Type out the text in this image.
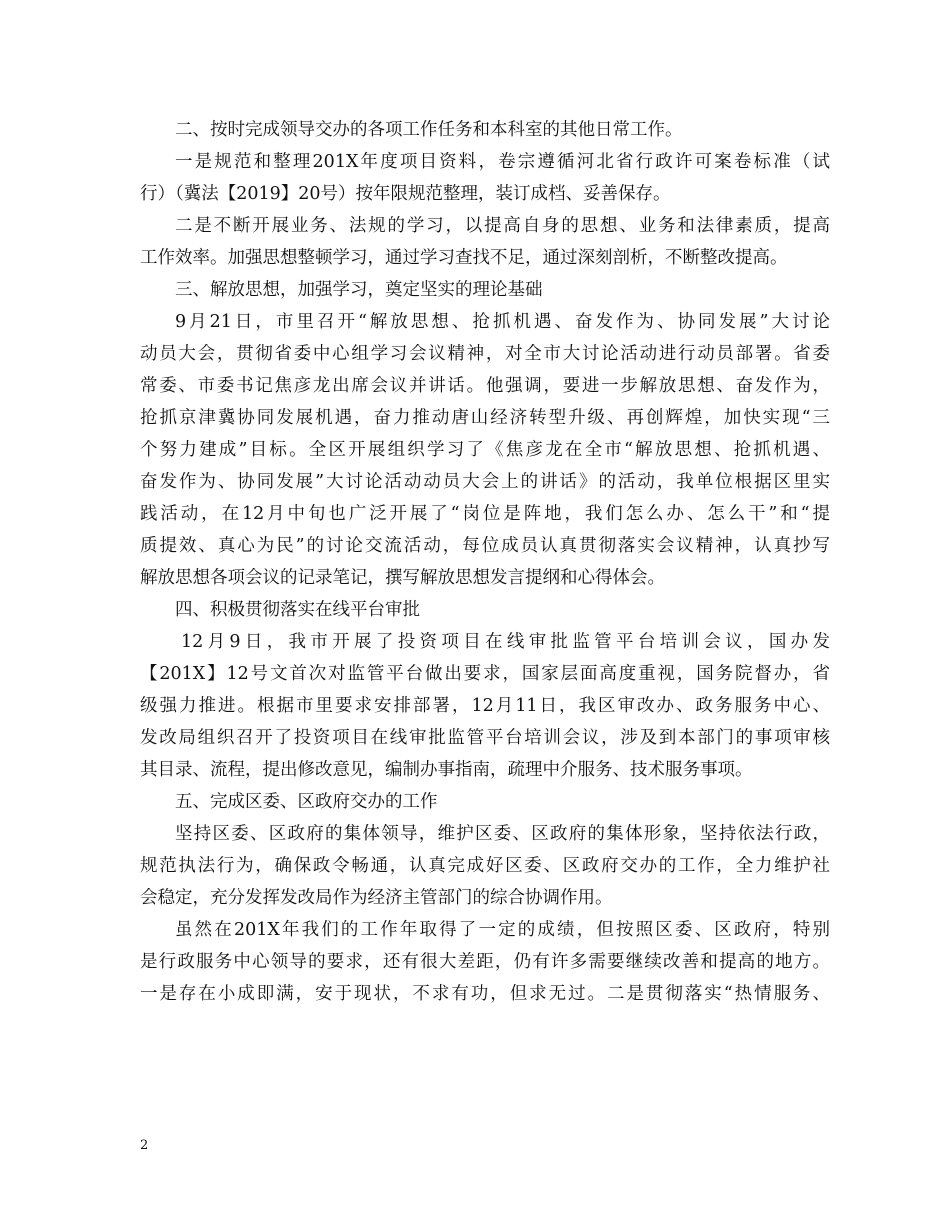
二、按时完成领导交办的各项工作任务和本科室的其他日常工作。
一是规范和整理201X年度项目资料，卷宗遵循河北省行政许可案卷标准（试
行）（冀法【2019】20号）按年限规范整理，装订成档、妥善保存。
二是不断开展业务、法规的学习，以提高自身的思想、业务和法律素质，提高
工作效率。加强思想整顿学习，通过学习查找不足，通过深刻剖析，不断整改提高。
三、解放思想，加强学习，奠定坚实的理论基础
9月21日，市里召开“解放思想、抢抓机遇、奋发作为、协同发展”大讨论
动员大会，贯彻省委中心组学习会议精神，对全市大讨论活动进行动员部署。省委
常委、市委书记焦彦龙出席会议并讲话。他强调，要进一步解放思想、奋发作为，
抢抓京津冀协同发展机遇，奋力推动唐山经济转型升级、再创辉煌，加快实现“三
个努力建成”目标。全区开展组织学习了《焦彦龙在全市“解放思想、抢抓机遇、
奋发作为、协同发展”大讨论活动动员大会上的讲话》的活动，我单位根据区里实
践活动，在12月中旬也广泛开展了“岗位是阵地，我们怎么办、怎么干”和“提
质提效、真心为民”的讨论交流活动，每位成员认真贯彻落实会议精神，认真抄写
解放思想各项会议的记录笔记，撰写解放思想发言提纲和心得体会。
四、积极贯彻落实在线平台审批
12月9日，我市开展了投资项目在线审批监管平台培训会议，国办发
【201X】12号文首次对监管平台做出要求，国家层面高度重视，国务院督办，省
级强力推进。根据市里要求安排部署，12月11日，我区审改办、政务服务中心、
发改局组织召开了投资项目在线审批监管平台培训会议，涉及到本部门的事项审核
其目录、流程，提出修改意见，编制办事指南，疏理中介服务、技术服务事项。
五、完成区委、区政府交办的工作
坚持区委、区政府的集体领导，维护区委、区政府的集体形象，坚持依法行政，
规范执法行为，确保政令畅通，认真完成好区委、区政府交办的工作，全力维护社
会稳定，充分发挥发改局作为经济主管部门的综合协调作用。
虽然在201X年我们的工作年取得了一定的成绩，但按照区委、区政府，特别
是行政服务中心领导的要求，还有很大差距，仍有许多需要继续改善和提高的地方。
一是存在小成即满，安于现状，不求有功，但求无过。二是贯彻落实“热情服务、
2
